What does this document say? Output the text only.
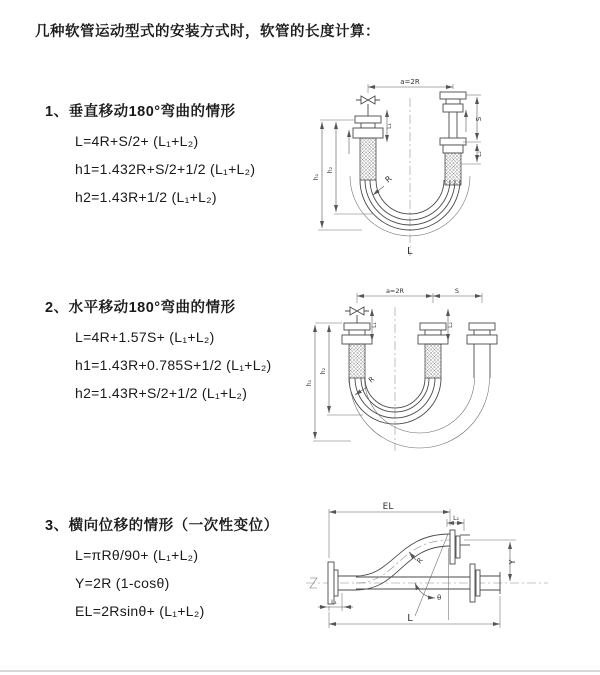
几种软管运动型式的安装方式时，软管的长度计算：
1、垂直移动180°弯曲的情形
L=4R+S/2+ (L₁+L₂)
h1=1.432R+S/2+1/2 (L₁+L₂)
h2=1.43R+1/2 (L₁+L₂)
2、水平移动180°弯曲的情形
L=4R+1.57S+ (L₁+L₂)
h1=1.43R+0.785S+1/2 (L₁+L₂)
h2=1.43R+S/2+1/2 (L₁+L₂)
3、横向位移的情形（一次性变位）
L=πRθ/90+ (L₁+L₂)
Y=2R (1-cosθ)
EL=2Rsinθ+ (L₁+L₂)
a=2R
R
L
L₁
S
L₂
h₂
h₁
a=2R	S
R
L₁	L₂
h₂
h₁
EL
L₂
Y
R
θ
L₁
L
